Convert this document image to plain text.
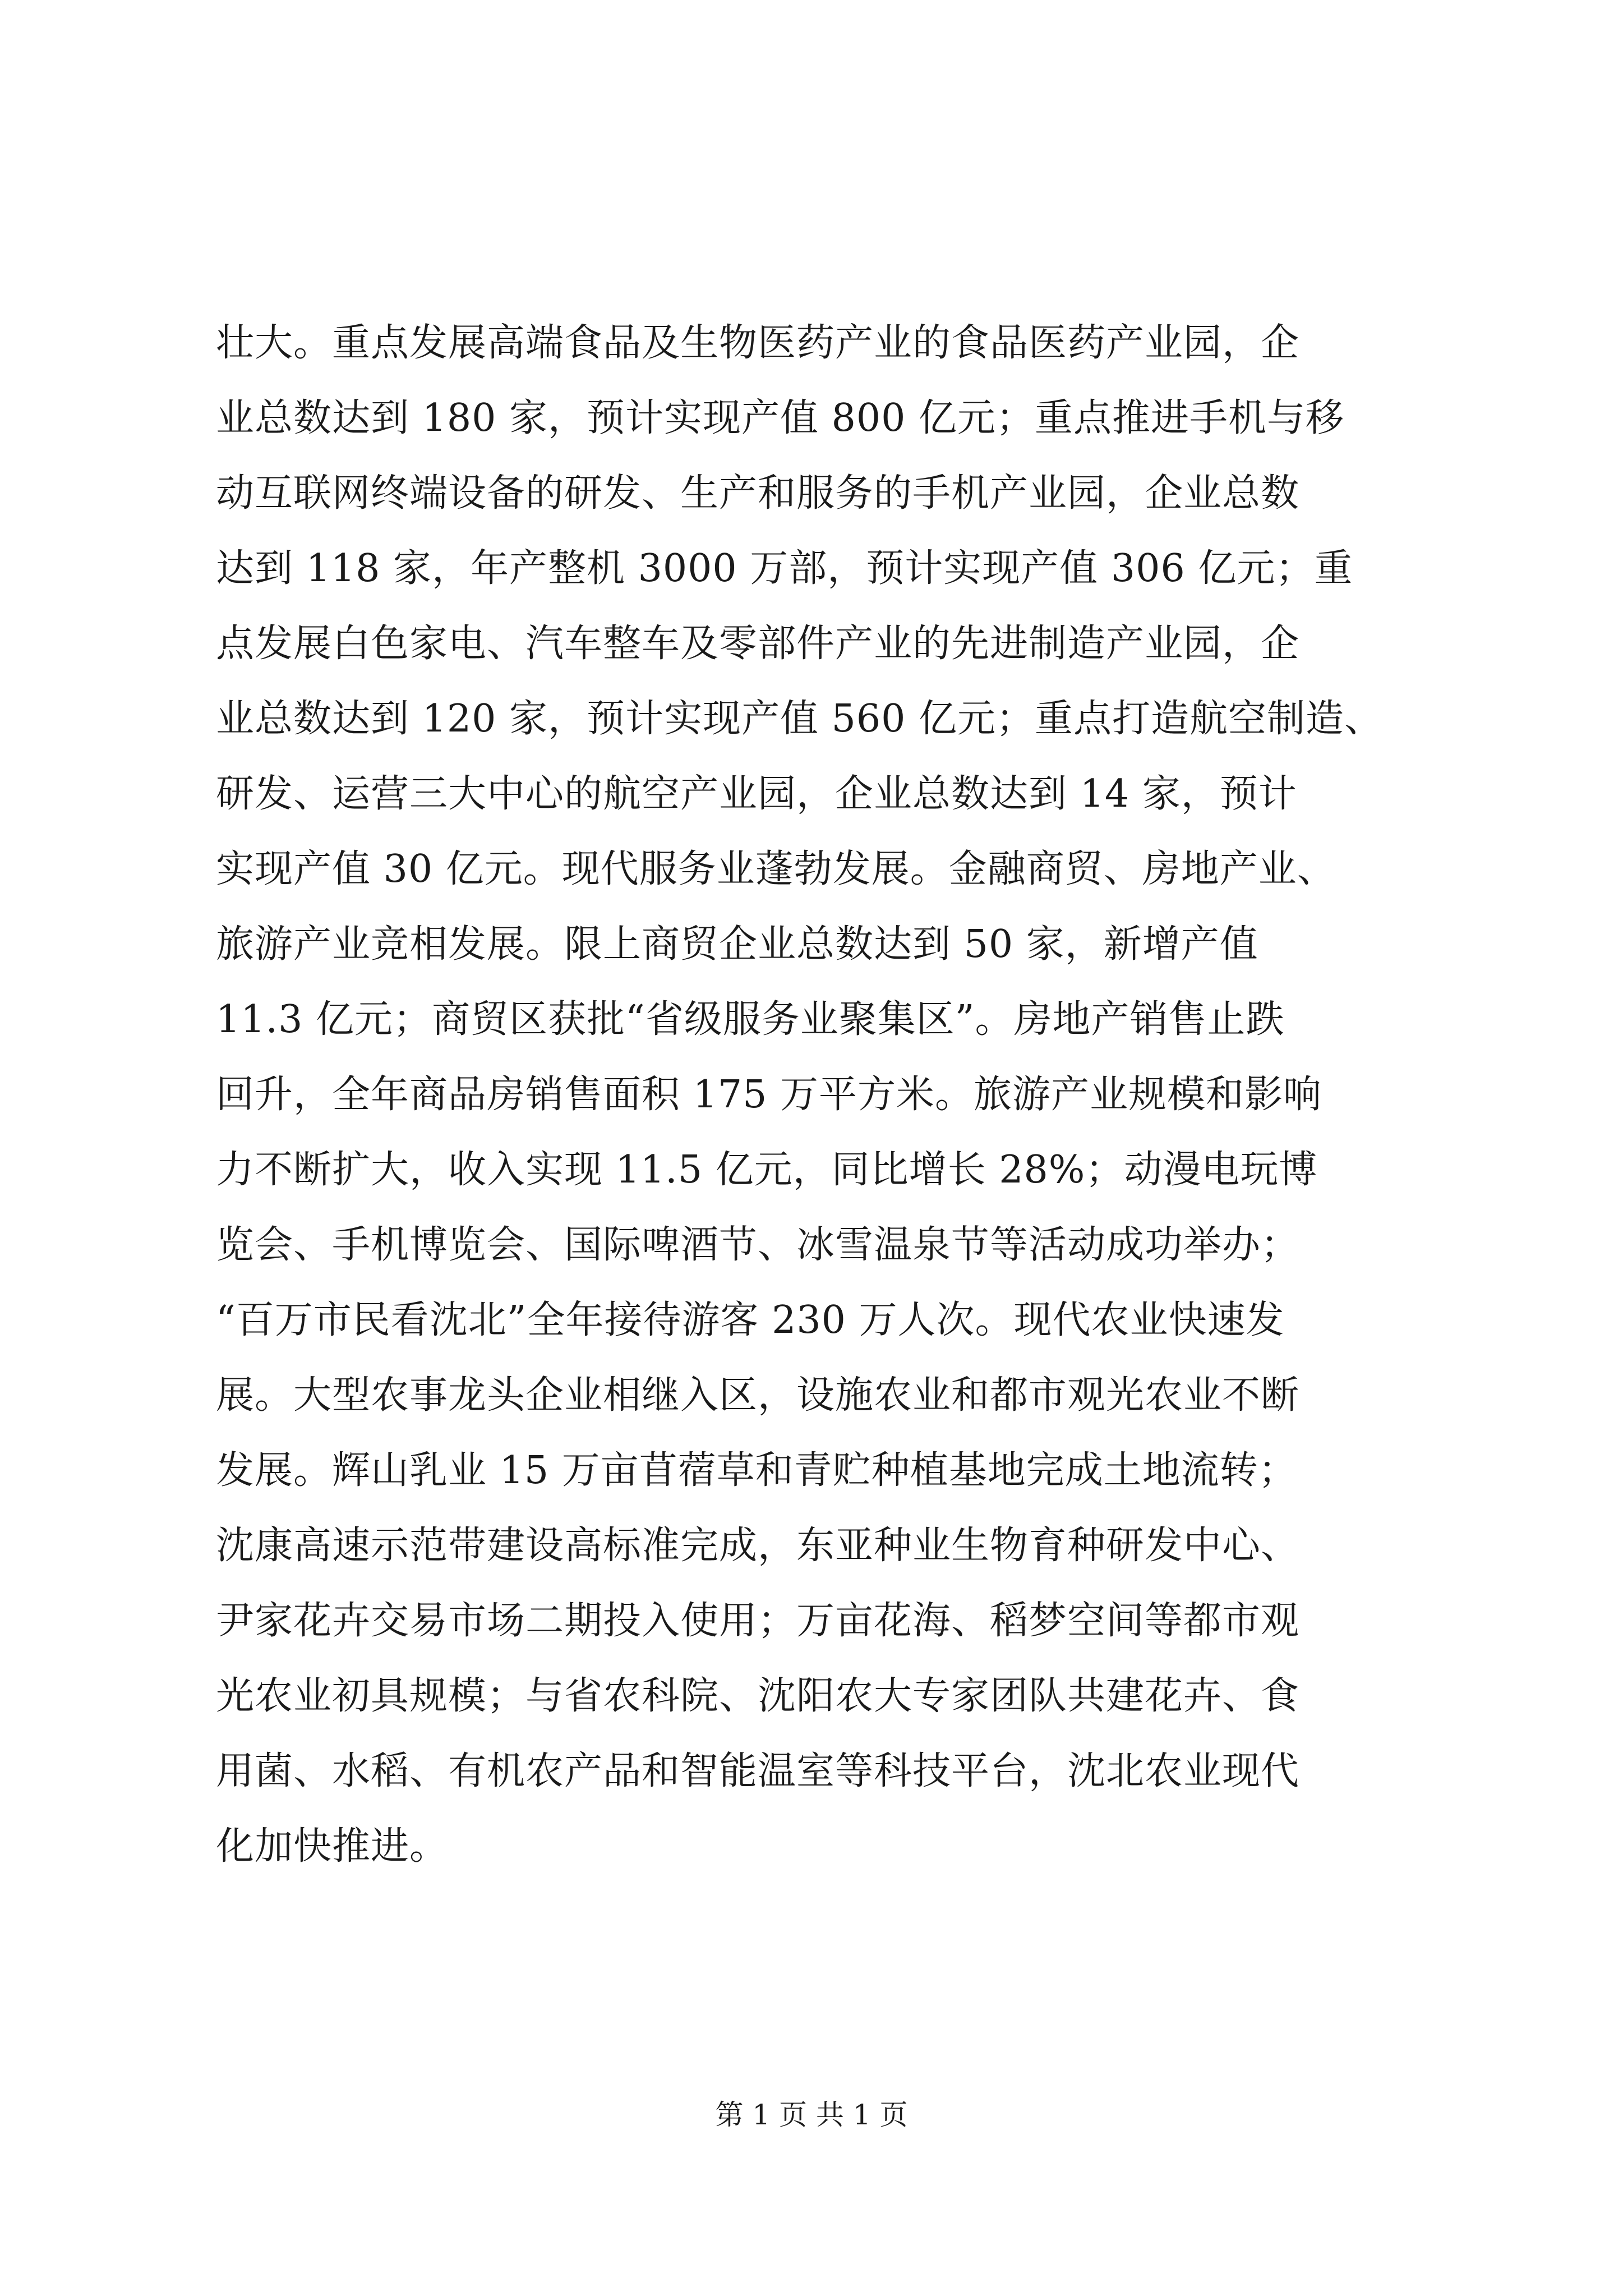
壮大。重点发展高端食品及生物医药产业的食品医药产业园，企
业总数达到 180 家，预计实现产值 800 亿元；重点推进手机与移
动互联网终端设备的研发、生产和服务的手机产业园，企业总数
达到 118 家，年产整机 3000 万部，预计实现产值 306 亿元；重
点发展白色家电、汽车整车及零部件产业的先进制造产业园，企
业总数达到 120 家，预计实现产值 560 亿元；重点打造航空制造、
研发、运营三大中心的航空产业园，企业总数达到 14 家，预计
实现产值 30 亿元。现代服务业蓬勃发展。金融商贸、房地产业、
旅游产业竞相发展。限上商贸企业总数达到 50 家，新增产值
11.3 亿元；商贸区获批“省级服务业聚集区”。房地产销售止跌
回升，全年商品房销售面积 175 万平方米。旅游产业规模和影响
力不断扩大，收入实现 11.5 亿元，同比增长 28%；动漫电玩博
览会、手机博览会、国际啤酒节、冰雪温泉节等活动成功举办；
“百万市民看沈北”全年接待游客 230 万人次。现代农业快速发
展。大型农事龙头企业相继入区，设施农业和都市观光农业不断
发展。辉山乳业 15 万亩苜蓿草和青贮种植基地完成土地流转；
沈康高速示范带建设高标准完成，东亚种业生物育种研发中心、
尹家花卉交易市场二期投入使用；万亩花海、稻梦空间等都市观
光农业初具规模；与省农科院、沈阳农大专家团队共建花卉、食
用菌、水稻、有机农产品和智能温室等科技平台，沈北农业现代
化加快推进。
第 1 页 共 1 页
